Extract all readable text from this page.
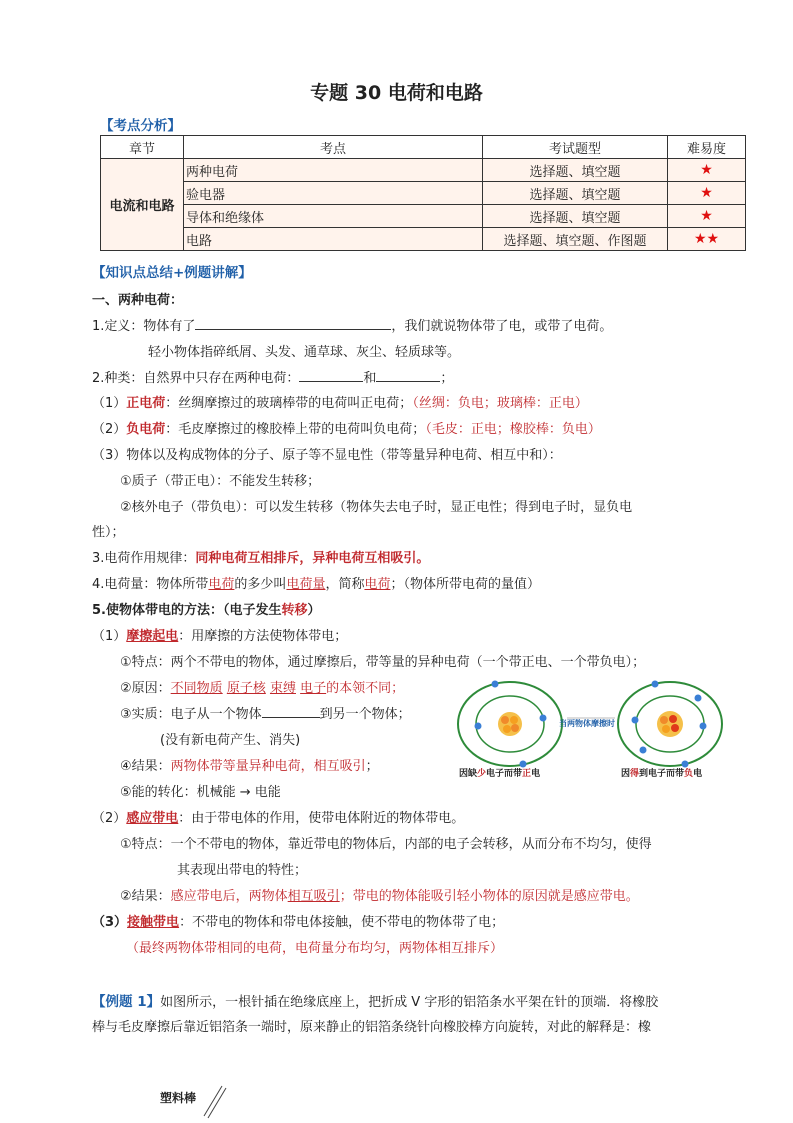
专题 30 电荷和电路
【考点分析】
章节	考点	考试题型	难易度
电流和电路	两种电荷	选择题、填空题	★
	验电器	选择题、填空题	★
	导体和绝缘体	选择题、填空题	★
	电路	选择题、填空题、作图题	★★
【知识点总结+例题讲解】
一、两种电荷：
1.定义：物体有了	，我们就说物体带了电，或带了电荷。
轻小物体指碎纸屑、头发、通草球、灰尘、轻质球等。
2.种类：自然界中只存在两种电荷：	和	；
（1）正电荷：丝绸摩擦过的玻璃棒带的电荷叫正电荷；（丝绸：负电；玻璃棒：正电）
（2）负电荷：毛皮摩擦过的橡胶棒上带的电荷叫负电荷；（毛皮：正电；橡胶棒：负电）
（3）物体以及构成物体的分子、原子等不显电性（带等量异种电荷、相互中和）：
①质子（带正电）：不能发生转移；
②核外电子（带负电）：可以发生转移（物体失去电子时，显正电性；得到电子时，显负电
性）；
3.电荷作用规律：同种电荷互相排斥，异种电荷互相吸引。
4.电荷量：物体所带电荷的多少叫电荷量，简称电荷；（物体所带电荷的量值）
5.使物体带电的方法：（电子发生转移）
（1）摩擦起电：用摩擦的方法使物体带电；
①特点：两个不带电的物体，通过摩擦后，带等量的异种电荷（一个带正电、一个带负电）；
②原因：不同物质 原子核 束缚 电子的本领不同；
③实质：电子从一个物体	到另一个物体；
(没有新电荷产生、消失)
④结果：两物体带等量异种电荷，相互吸引；
⑤能的转化：机械能 → 电能
当两物体摩擦时
因缺少电子而带正电	因得到电子而带负电
（2）感应带电：由于带电体的作用，使带电体附近的物体带电。
①特点：一个不带电的物体，靠近带电的物体后，内部的电子会转移，从而分布不均匀，使得
其表现出带电的特性；
②结果：感应带电后，两物体相互吸引；带电的物体能吸引轻小物体的原因就是感应带电。
（3）接触带电：不带电的物体和带电体接触，使不带电的物体带了电；
（最终两物体带相同的电荷，电荷量分布均匀，两物体相互排斥）
【例题 1】如图所示，一根针插在绝缘底座上，把折成 V 字形的铝箔条水平架在针的顶端．将橡胶
棒与毛皮摩擦后靠近铝箔条一端时，原来静止的铝箔条绕针向橡胶棒方向旋转，对此的解释是：橡
塑料棒
